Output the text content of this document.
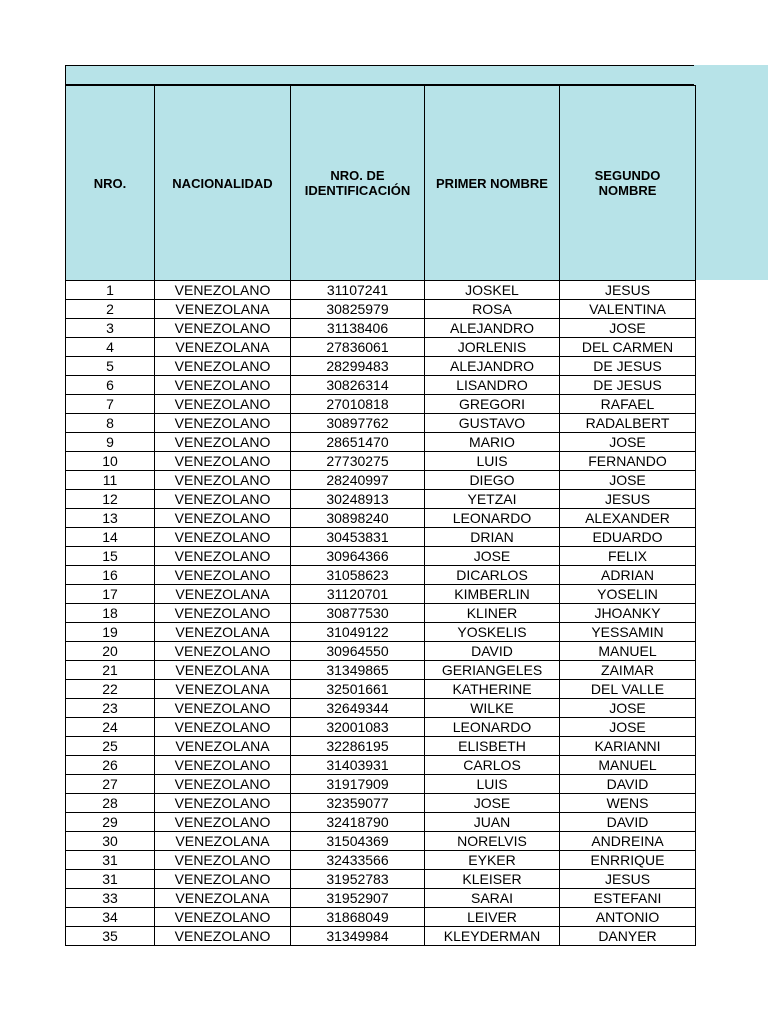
NRO.	NACIONALIDAD	NRO. DE IDENTIFICACIÓN	PRIMER NOMBRE	SEGUNDO NOMBRE
1	VENEZOLANO	31107241	JOSKEL	JESUS
2	VENEZOLANA	30825979	ROSA	VALENTINA
3	VENEZOLANO	31138406	ALEJANDRO	JOSE
4	VENEZOLANA	27836061	JORLENIS	DEL CARMEN
5	VENEZOLANO	28299483	ALEJANDRO	DE JESUS
6	VENEZOLANO	30826314	LISANDRO	DE JESUS
7	VENEZOLANO	27010818	GREGORI	RAFAEL
8	VENEZOLANO	30897762	GUSTAVO	RADALBERT
9	VENEZOLANO	28651470	MARIO	JOSE
10	VENEZOLANO	27730275	LUIS	FERNANDO
11	VENEZOLANO	28240997	DIEGO	JOSE
12	VENEZOLANO	30248913	YETZAI	JESUS
13	VENEZOLANO	30898240	LEONARDO	ALEXANDER
14	VENEZOLANO	30453831	DRIAN	EDUARDO
15	VENEZOLANO	30964366	JOSE	FELIX
16	VENEZOLANO	31058623	DICARLOS	ADRIAN
17	VENEZOLANA	31120701	KIMBERLIN	YOSELIN
18	VENEZOLANO	30877530	KLINER	JHOANKY
19	VENEZOLANA	31049122	YOSKELIS	YESSAMIN
20	VENEZOLANO	30964550	DAVID	MANUEL
21	VENEZOLANA	31349865	GERIANGELES	ZAIMAR
22	VENEZOLANA	32501661	KATHERINE	DEL VALLE
23	VENEZOLANO	32649344	WILKE	JOSE
24	VENEZOLANO	32001083	LEONARDO	JOSE
25	VENEZOLANA	32286195	ELISBETH	KARIANNI
26	VENEZOLANO	31403931	CARLOS	MANUEL
27	VENEZOLANO	31917909	LUIS	DAVID
28	VENEZOLANO	32359077	JOSE	WENS
29	VENEZOLANO	32418790	JUAN	DAVID
30	VENEZOLANA	31504369	NORELVIS	ANDREINA
31	VENEZOLANO	32433566	EYKER	ENRRIQUE
31	VENEZOLANO	31952783	KLEISER	JESUS
33	VENEZOLANA	31952907	SARAI	ESTEFANI
34	VENEZOLANO	31868049	LEIVER	ANTONIO
35	VENEZOLANO	31349984	KLEYDERMAN	DANYER
